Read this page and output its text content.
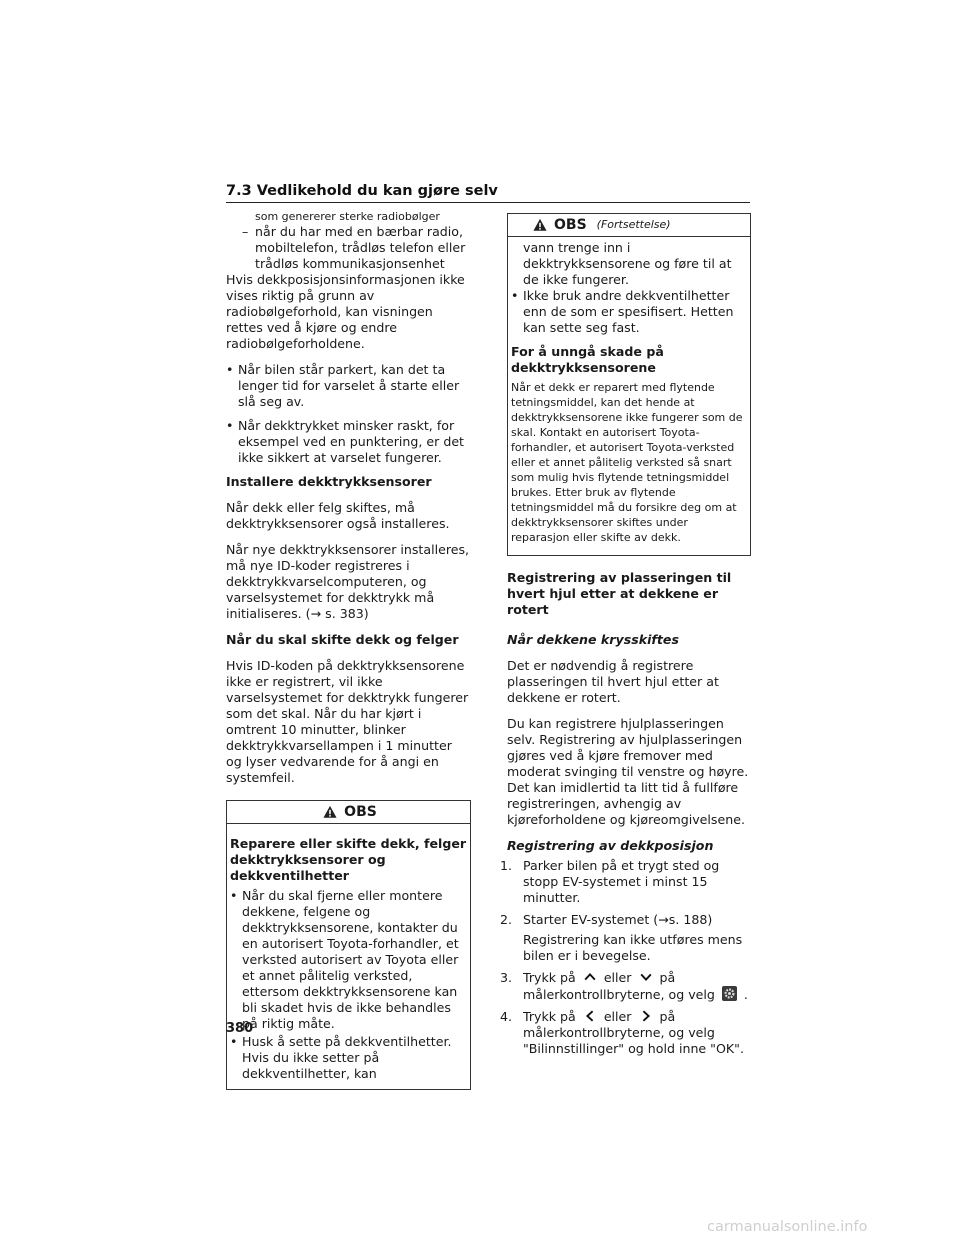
7.3 Vedlikehold du kan gjøre selv
som genererer sterke radiobølger
– når du har med en bærbar radio,

mobiltelefon, trådløs telefon eller trådløs kommunikasjonsenhet

Hvis dekkposisjonsinformasjonen ikke vises riktig på grunn av radiobølgeforhold, kan visningen rettes ved å kjøre og endre radiobølgeforholdene.

• Når bilen står parkert, kan det ta lenger tid for varselet å starte eller slå seg av.
• Når dekktrykket minsker raskt, for eksempel ved en punktering, er det ikke sikkert at varselet fungerer.

Installere dekktrykksensorer

Når dekk eller felg skiftes, må dekktrykksensorer også installeres.

Når nye dekktrykksensorer installeres, må nye ID-koder registreres i dekktrykkvarselcomputeren, og varselsystemet for dekktrykk må initialiseres. (→ s. 383)

Når du skal skifte dekk og felger

Hvis ID-koden på dekktrykksensorene ikke er registrert, vil ikke varselsystemet for dekktrykk fungerer som det skal. Når du har kjørt i omtrent 10 minutter, blinker dekktrykkvarsellampen i 1 minutter og lyser vedvarende for å angi en systemfeil.

OBS

Reparere eller skifte dekk, felger dekktrykksensorer og dekkventilhetter

• Når du skal fjerne eller montere dekkene, felgene og dekktrykksensorene, kontakter du en autorisert Toyota-forhandler, et verksted autorisert av Toyota eller et annet pålitelig verksted, ettersom dekktrykksensorene kan bli skadet hvis de ikke behandles på riktig måte.
• Husk å sette på dekkventilhetter. Hvis du ikke setter på dekkventilhetter, kan
OBS (Fortsettelse)
vann trenge inn i dekktrykksensorene og føre til at de ikke fungerer.
• Ikke bruk andre dekkventilhetter enn de som er spesifisert. Hetten kan sette seg fast.

For å unngå skade på dekktrykksensorene

Når et dekk er reparert med flytende tetningsmiddel, kan det hende at dekktrykksensorene ikke fungerer som de skal. Kontakt en autorisert Toyota-forhandler, et autorisert Toyota-verksted eller et annet pålitelig verksted så snart som mulig hvis flytende tetningsmiddel brukes. Etter bruk av flytende tetningsmiddel må du forsikre deg om at dekktrykksensorer skiftes under reparasjon eller skifte av dekk.

Registrering av plasseringen til hvert hjul etter at dekkene er rotert

Når dekkene krysskiftes

Det er nødvendig å registrere plasseringen til hvert hjul etter at dekkene er rotert.

Du kan registrere hjulplasseringen selv. Registrering av hjulplasseringen gjøres ved å kjøre fremover med moderat svinging til venstre og høyre. Det kan imidlertid ta litt tid å fullføre registreringen, avhengig av kjøreforholdene og kjøreomgivelsene.

Registrering av dekkposisjon

1. Parker bilen på et trygt sted og stopp EV-systemet i minst 15 minutter.
2. Starter EV-systemet (→s. 188)
Registrering kan ikke utføres mens bilen er i bevegelse.
3. Trykk på eller på målerkontrollbryterne, og velg .
4. Trykk på eller på målerkontrollbryterne, og velg "Bilinnstillinger" og hold inne "OK".
380
carmanualsonline.info
